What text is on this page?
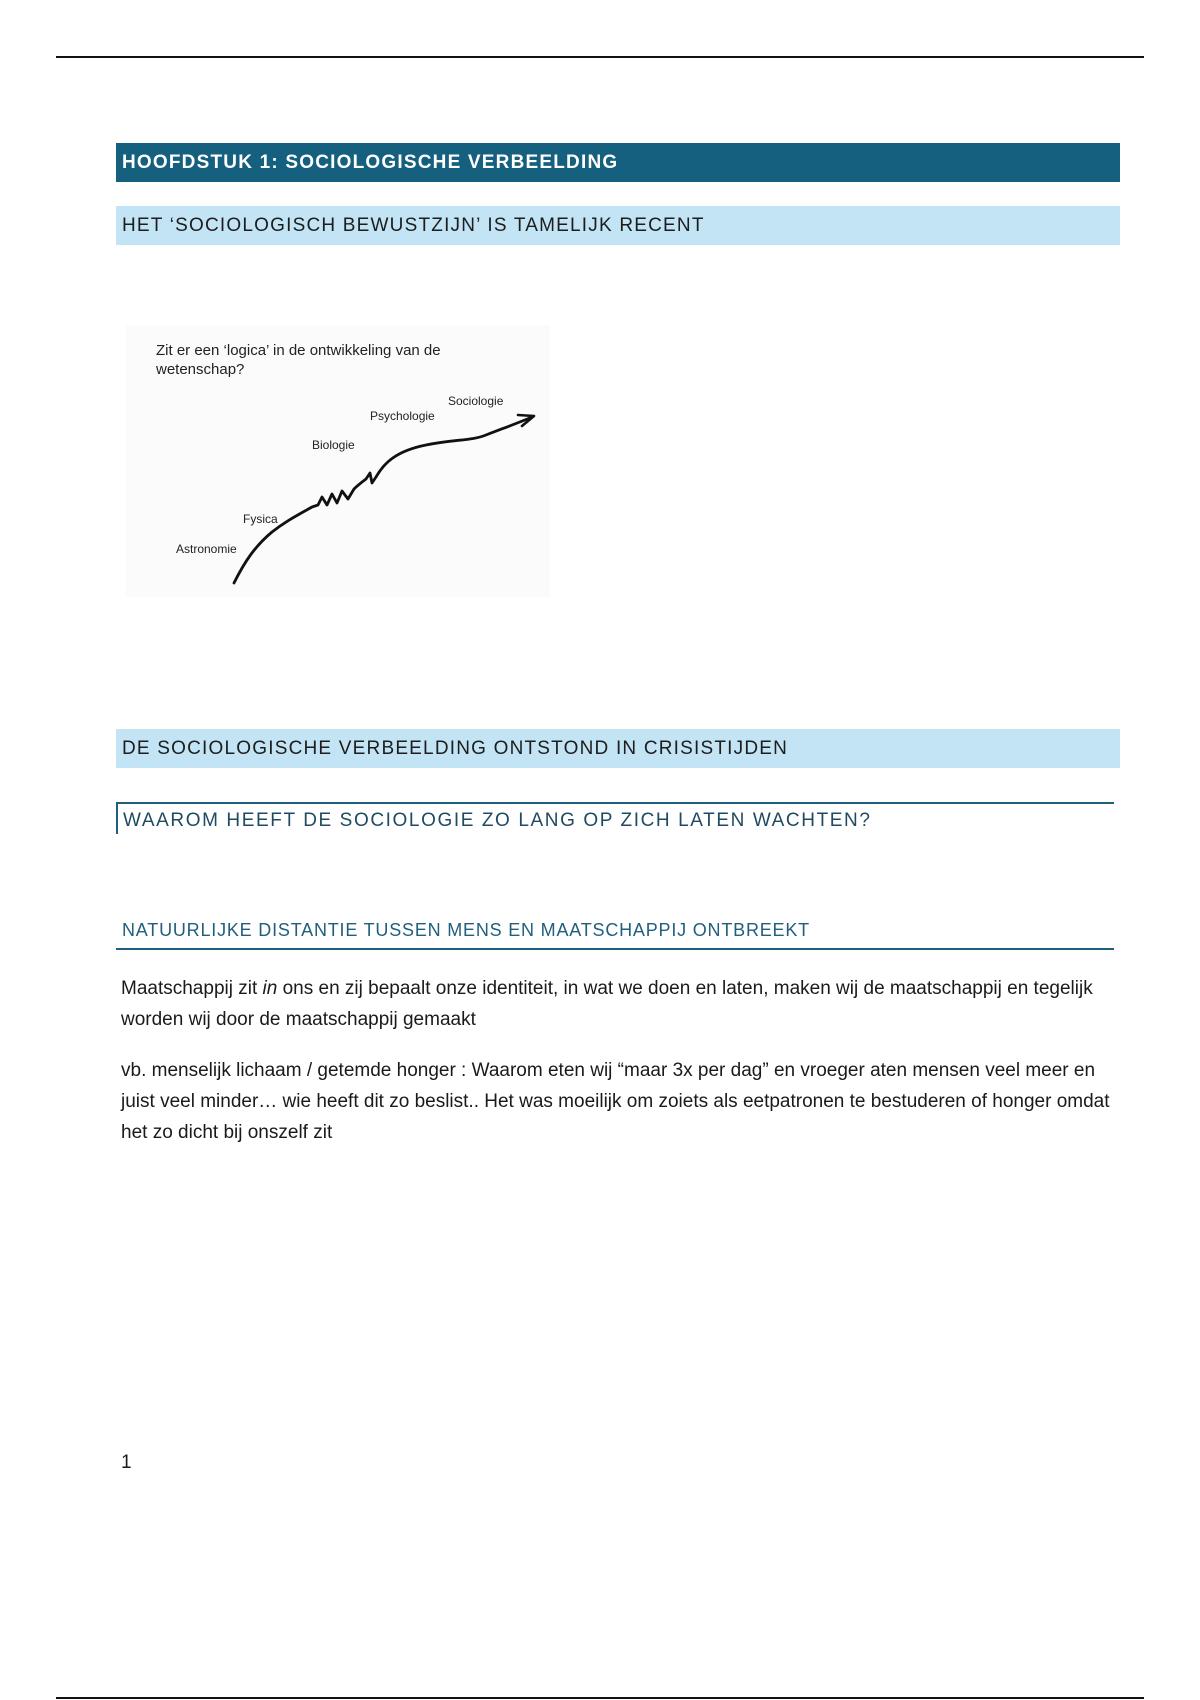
HOOFDSTUK 1: SOCIOLOGISCHE VERBEELDING
HET ‘SOCIOLOGISCH BEWUSTZIJN’ IS TAMELIJK RECENT
Zit er een ‘logica’ in de ontwikkeling van de
wetenschap?
Astronomie
Fysica
Biologie
Psychologie
Sociologie
DE SOCIOLOGISCHE VERBEELDING ONTSTOND IN CRISISTIJDEN
WAAROM HEEFT DE SOCIOLOGIE ZO LANG OP ZICH LATEN WACHTEN?
NATUURLIJKE DISTANTIE TUSSEN MENS EN MAATSCHAPPIJ ONTBREEKT

Maatschappij zit in ons en zij bepaalt onze identiteit, in wat we doen en laten, maken wij de maatschappij en tegelijk worden wij door de maatschappij gemaakt

vb. menselijk lichaam / getemde honger : Waarom eten wij “maar 3x per dag” en vroeger aten mensen veel meer en juist veel minder… wie heeft dit zo beslist.. Het was moeilijk om zoiets als eetpatronen te bestuderen of honger omdat het zo dicht bij onszelf zit

1
